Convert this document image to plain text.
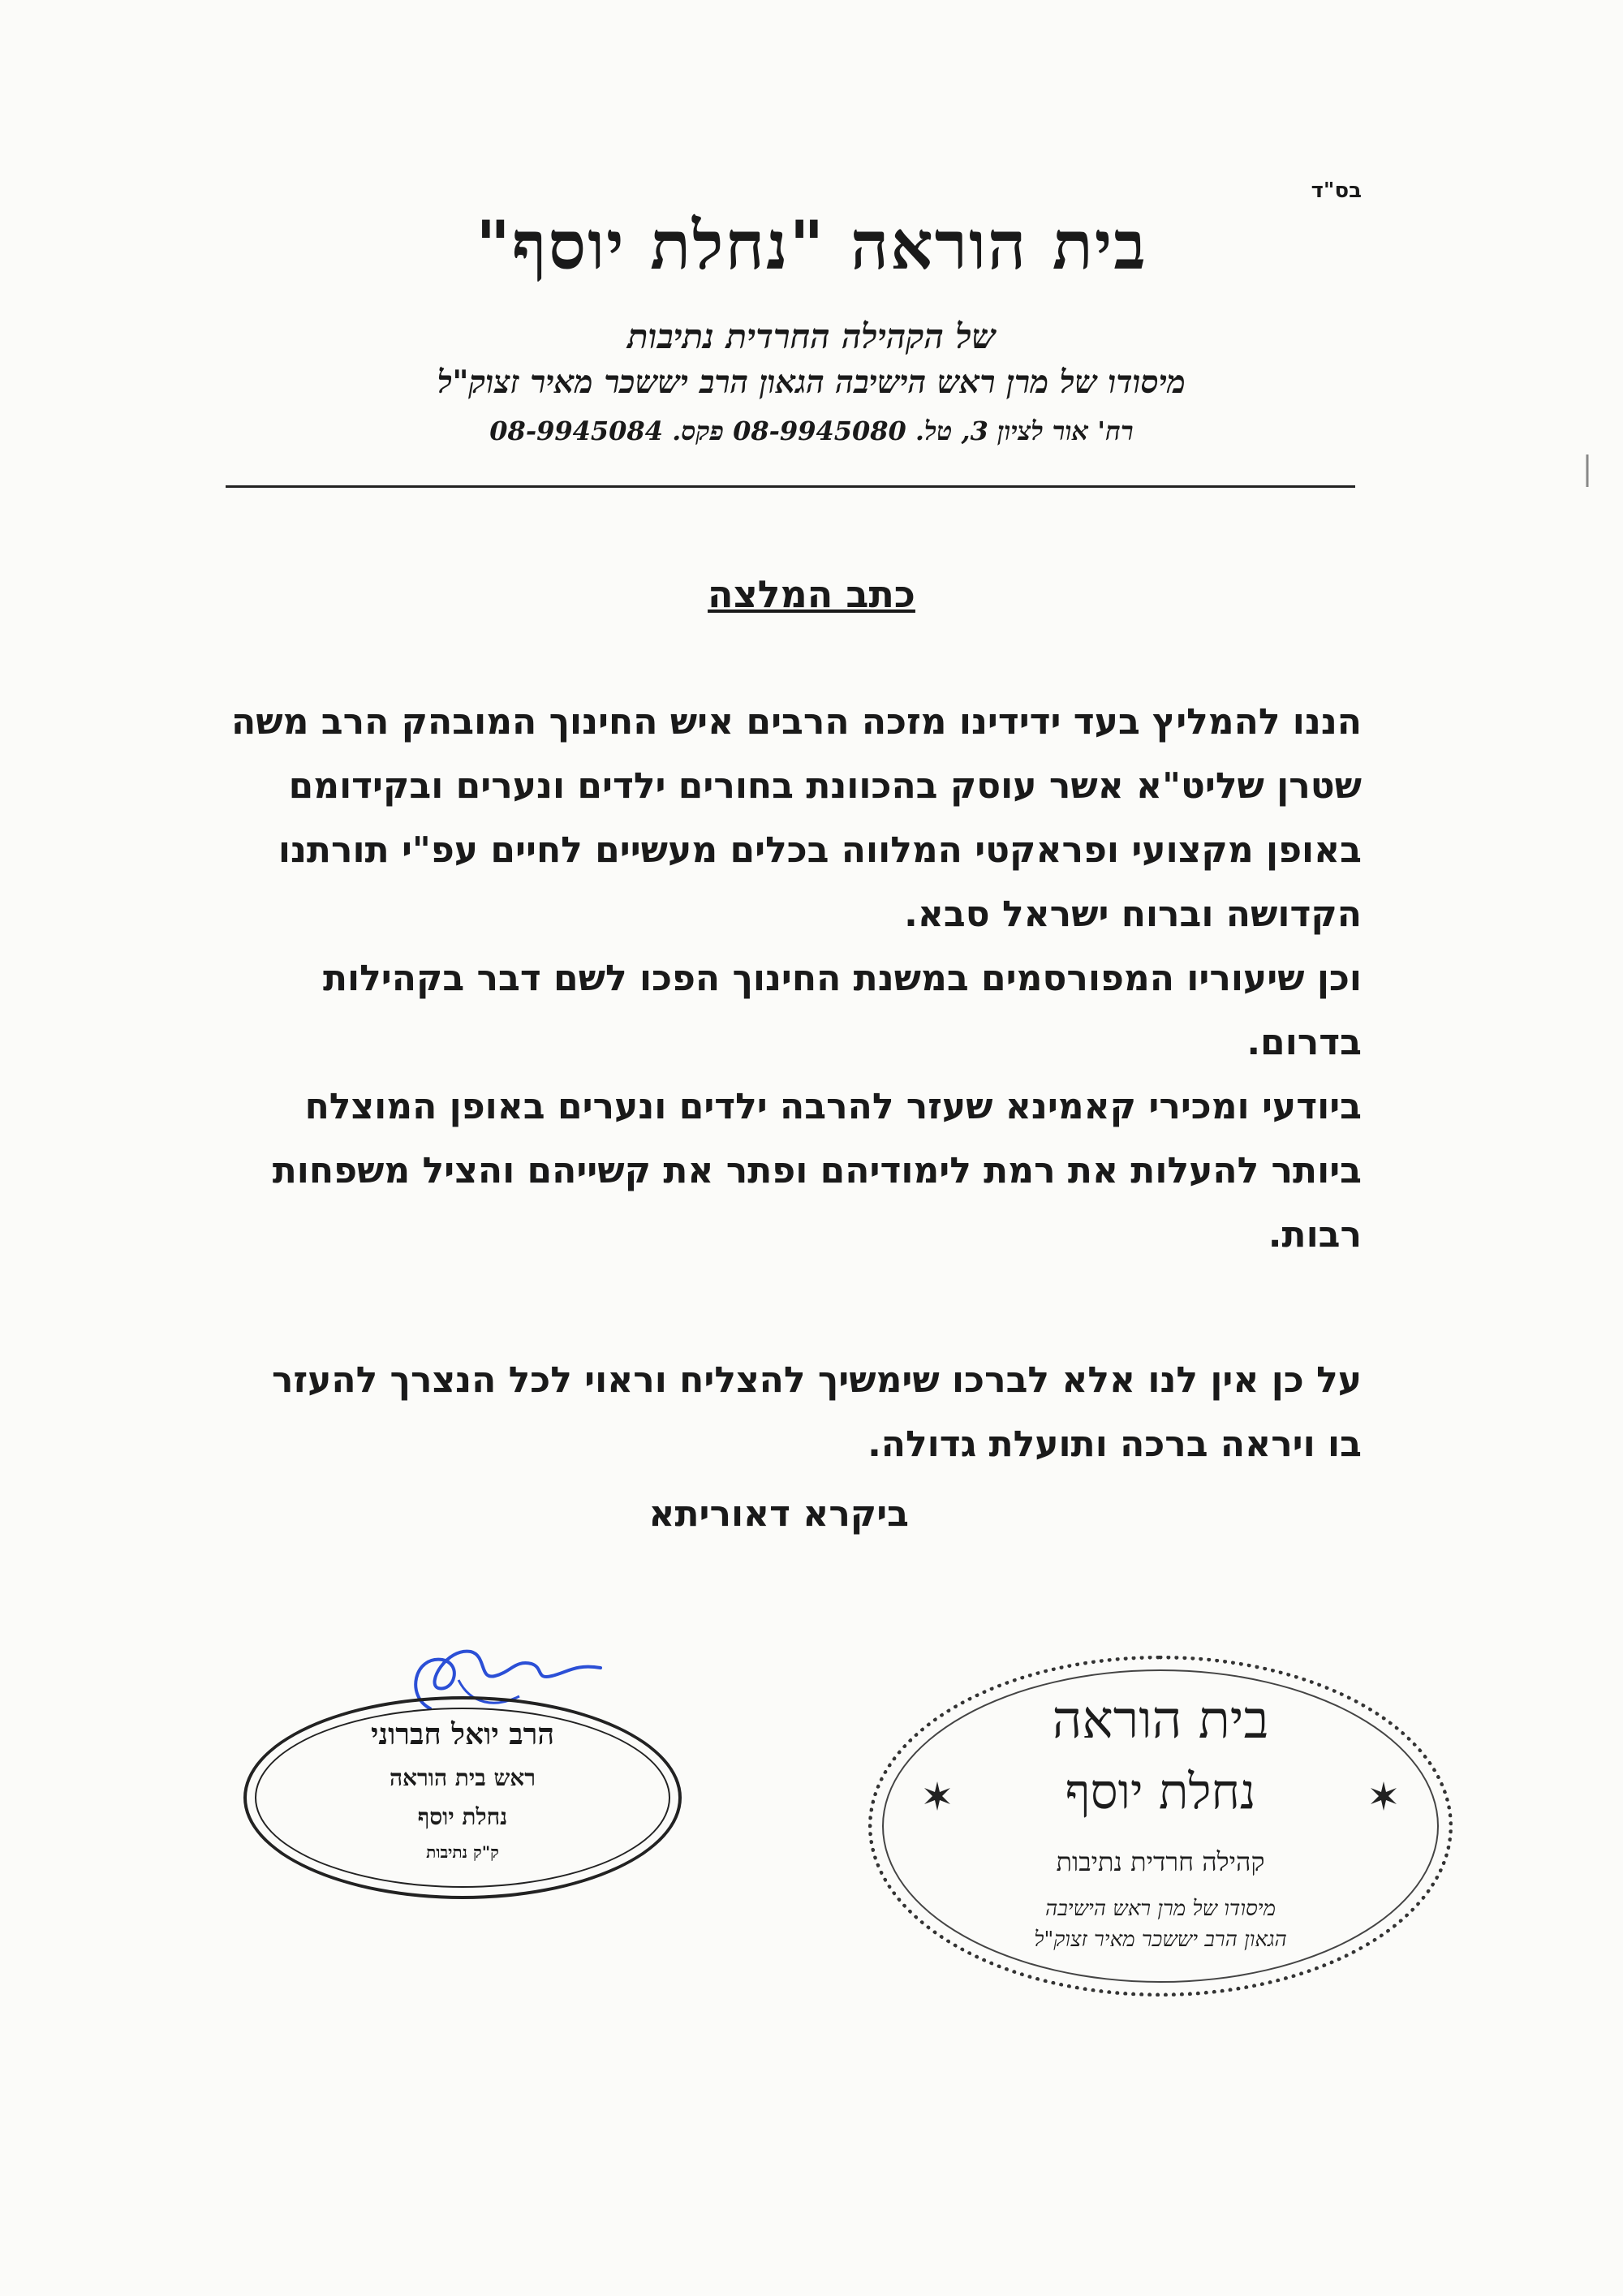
בס"ד
בית הוראה "נחלת יוסף"
של הקהילה החרדית נתיבות
מיסודו של מרן ראש הישיבה הגאון הרב יששכר מאיר זצוק"ל
רח' אור לציון 3, טל. 08-9945080 פקס. 08-9945084
כתב המלצה

הננו להמליץ בעד ידידינו מזכה הרבים איש החינוך המובהק הרב משה שטרן שליט"א אשר עוסק בהכוונת בחורים ילדים ונערים ובקידומם באופן מקצועי ופראקטי המלווה בכלים מעשיים לחיים עפ"י תורתנו הקדושה וברוח ישראל סבא.

וכן שיעוריו המפורסמים במשנת החינוך הפכו לשם דבר בקהילות בדרום.

ביודעי ומכירי קאמינא שעזר להרבה ילדים ונערים באופן המוצלח ביותר להעלות את רמת לימודיהם ופתר את קשייהם והציל משפחות רבות.

על כן אין לנו אלא לברכו שימשיך להצליח וראוי לכל הנצרך להעזר בו ויראה ברכה ותועלת גדולה.

ביקרא דאוריתא
הרב יואל חברוני
ראש בית הוראה
נחלת יוסף
ק"ק נתיבות
בית הוראה
נחלת יוסף
קהילה חרדית נתיבות
מיסודו של מרן ראש הישיבה
הגאון הרב יששכר מאיר זצוק"ל
